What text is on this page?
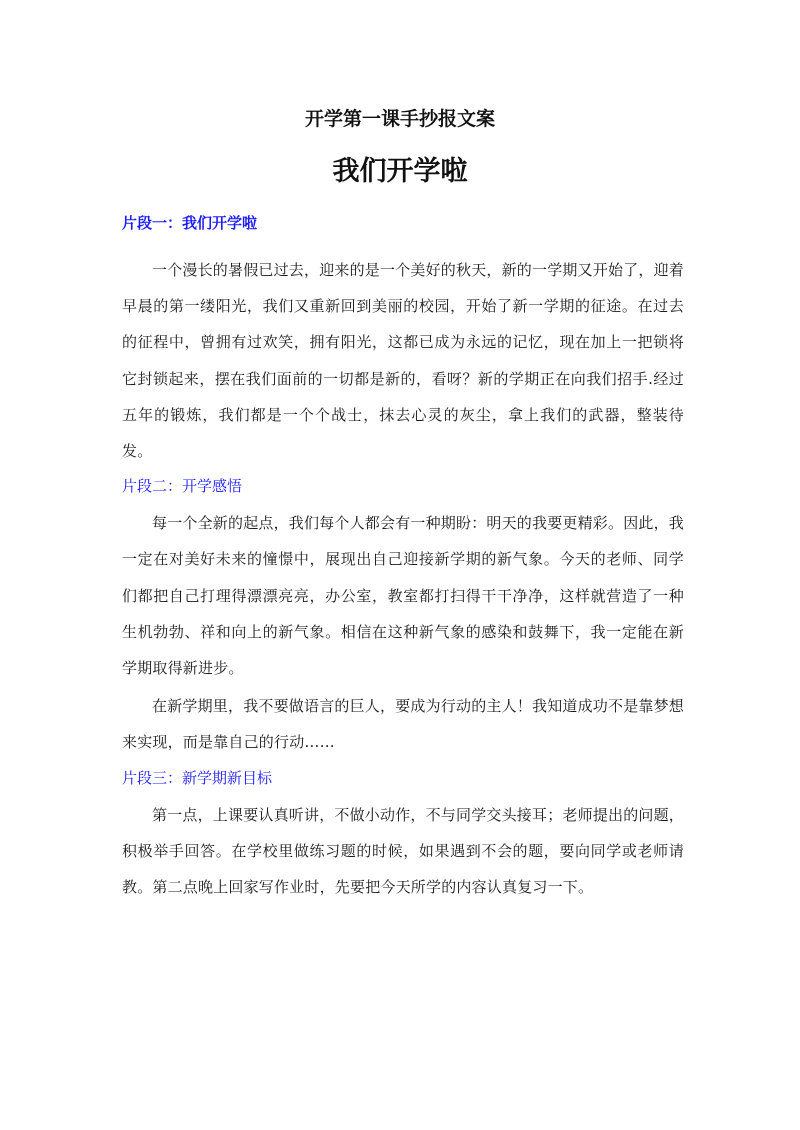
开学第一课手抄报文案
我们开学啦
片段一：我们开学啦

一个漫长的暑假已过去，迎来的是一个美好的秋天，新的一学期又开始了，迎着早晨的第一缕阳光，我们又重新回到美丽的校园，开始了新一学期的征途。在过去的征程中，曾拥有过欢笑，拥有阳光，这都已成为永远的记忆，现在加上一把锁将它封锁起来，摆在我们面前的一切都是新的，看呀？新的学期正在向我们招手.经过五年的锻炼，我们都是一个个战士，抹去心灵的灰尘，拿上我们的武器，整装待发。

片段二：开学感悟

每一个全新的起点，我们每个人都会有一种期盼：明天的我要更精彩。因此，我一定在对美好未来的憧憬中，展现出自己迎接新学期的新气象。今天的老师、同学们都把自己打理得漂漂亮亮，办公室，教室都打扫得干干净净，这样就营造了一种生机勃勃、祥和向上的新气象。相信在这种新气象的感染和鼓舞下，我一定能在新学期取得新进步。

在新学期里，我不要做语言的巨人，要成为行动的主人！我知道成功不是靠梦想来实现，而是靠自己的行动……

片段三：新学期新目标

第一点，上课要认真听讲，不做小动作，不与同学交头接耳；老师提出的问题，积极举手回答。在学校里做练习题的时候，如果遇到不会的题，要向同学或老师请教。第二点晚上回家写作业时，先要把今天所学的内容认真复习一下。
